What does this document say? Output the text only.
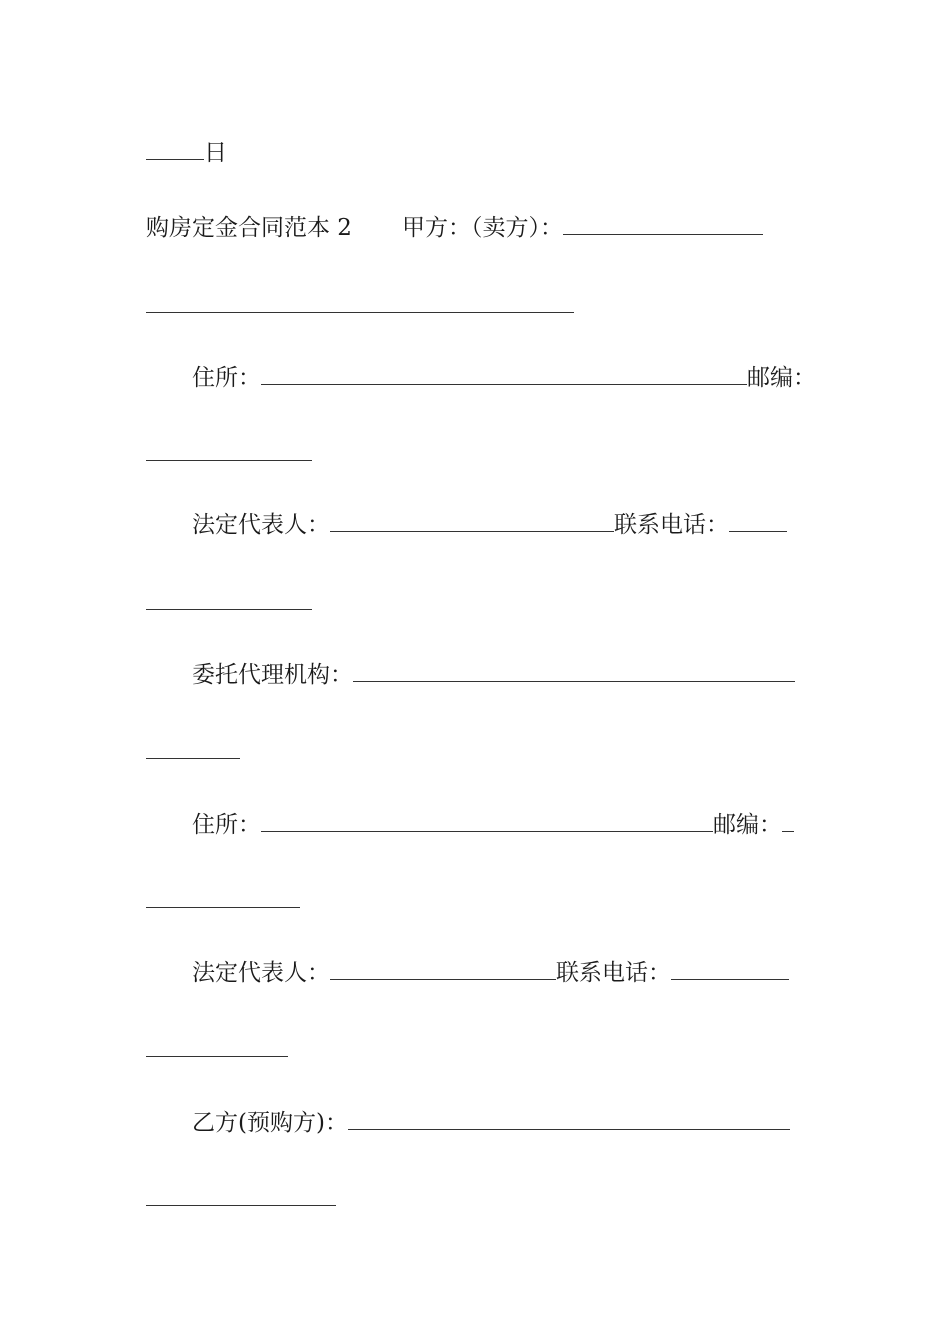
日
购房定金合同范本 2 甲方：（卖方）：
住所：	邮编：
法定代表人：	联系电话：
委托代理机构：
住所：	邮编：
法定代表人：	联系电话：
乙方(预购方)：
